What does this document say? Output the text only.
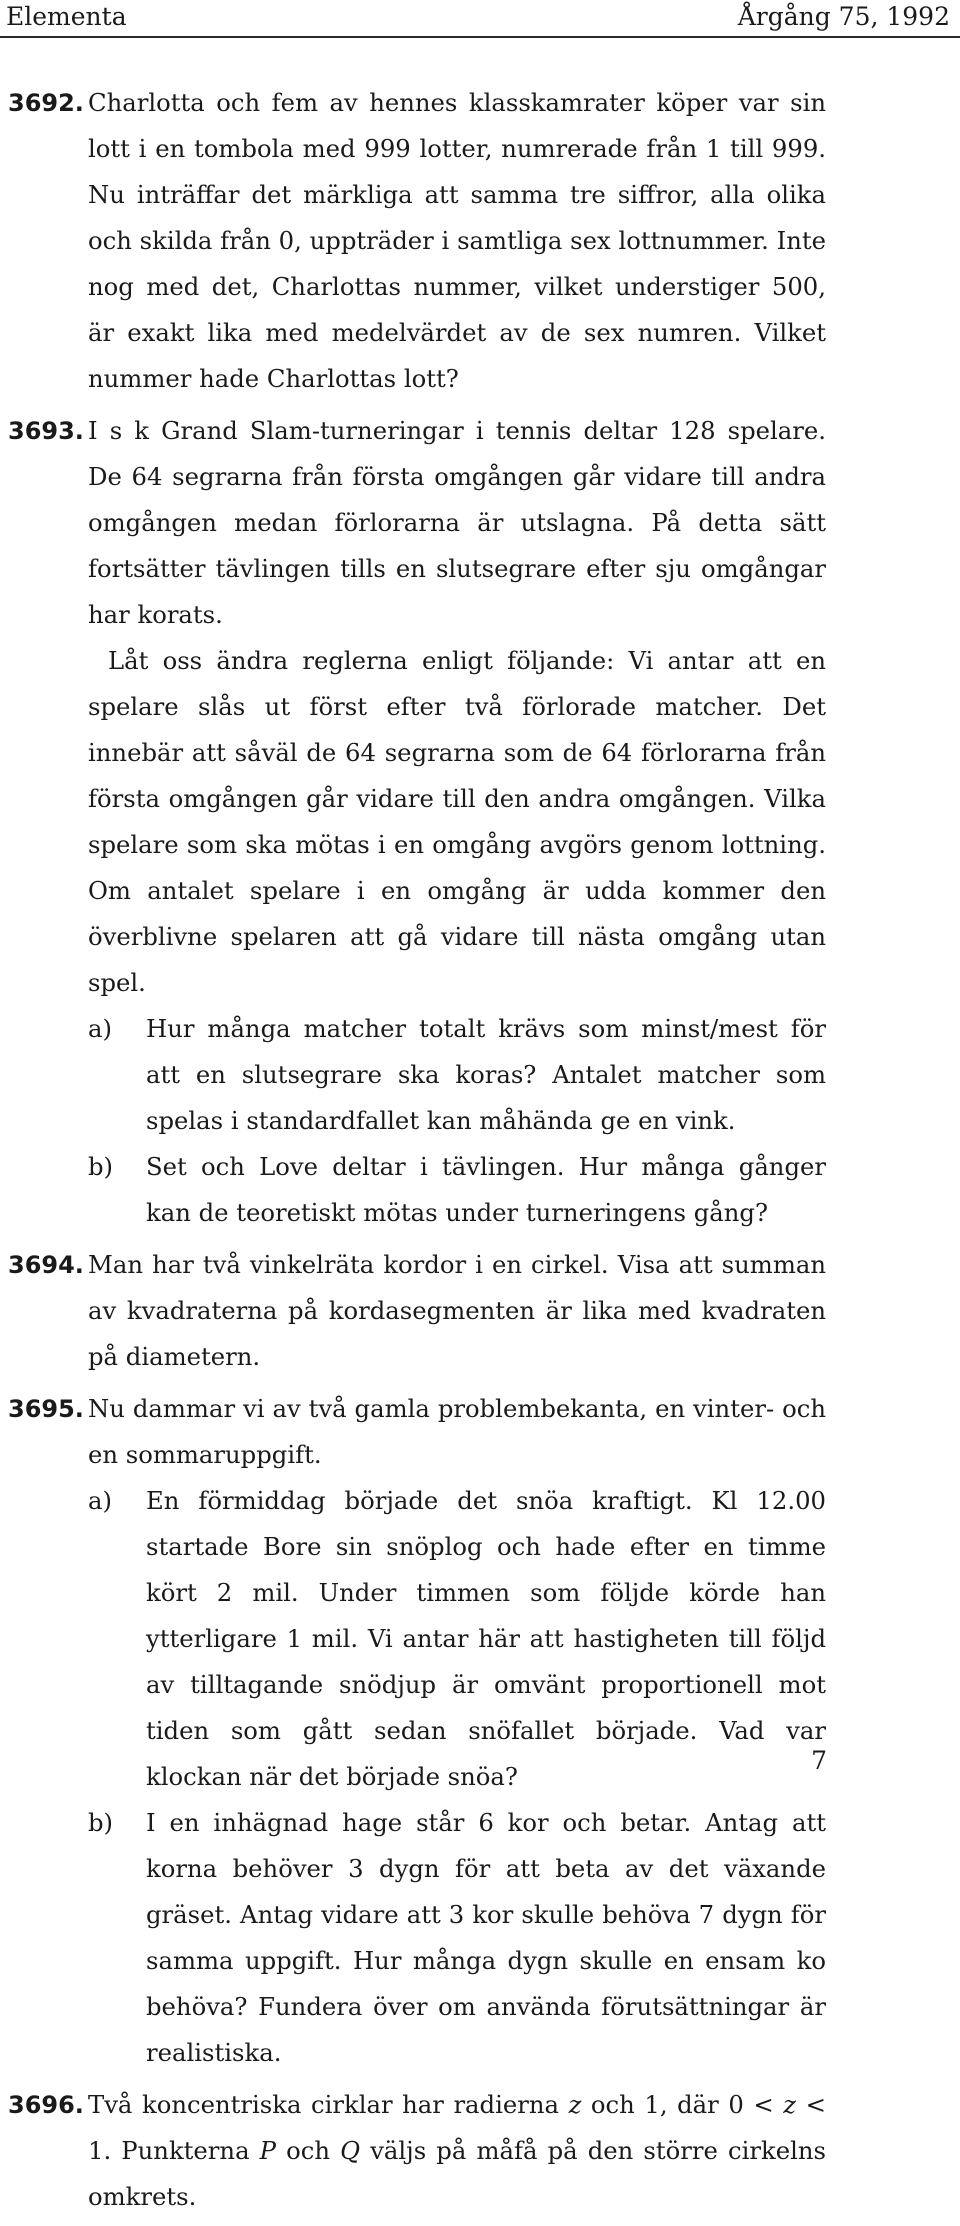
Elementa	Årgång 75, 1992
3692. Charlotta och fem av hennes klasskamrater köper var sin lott i en tombola med 999 lotter, numrerade från 1 till 999. Nu inträffar det märkliga att samma tre siffror, alla olika och skilda från 0, uppträder i samtliga sex lottnummer. Inte nog med det, Charlottas nummer, vilket understiger 500, är exakt lika med medelvärdet av de sex numren. Vilket nummer hade Charlottas lott?

3693. I s k Grand Slam-turneringar i tennis deltar 128 spelare. De 64 segrarna från första omgången går vidare till andra omgången medan förlorarna är utslagna. På detta sätt fortsätter tävlingen tills en slutsegrare efter sju omgångar har korats.

Låt oss ändra reglerna enligt följande: Vi antar att en spelare slås ut först efter två förlorade matcher. Det innebär att såväl de 64 segrarna som de 64 förlorarna från första omgången går vidare till den andra omgången. Vilka spelare som ska mötas i en omgång avgörs genom lottning. Om antalet spelare i en omgång är udda kommer den överblivne spelaren att gå vidare till nästa omgång utan spel.

a) Hur många matcher totalt krävs som minst/mest för att en slutsegrare ska koras? Antalet matcher som spelas i standardfallet kan måhända ge en vink.
b) Set och Love deltar i tävlingen. Hur många gånger kan de teoretiskt mötas under turneringens gång?
3694. Man har två vinkelräta kordor i en cirkel. Visa att summan av kvadraterna på kordasegmenten är lika med kvadraten på diametern.

3695. Nu dammar vi av två gamla problembekanta, en vinter- och en sommaruppgift.

a) En förmiddag började det snöa kraftigt. Kl 12.00 startade Bore sin snöplog och hade efter en timme kört 2 mil. Under timmen som följde körde han ytterligare 1 mil. Vi antar här att hastigheten till följd av tilltagande snödjup är omvänt proportionell mot tiden som gått sedan snöfallet började. Vad var klockan när det började snöa?
b) I en inhägnad hage står 6 kor och betar. Antag att korna behöver 3 dygn för att beta av det växande gräset. Antag vidare att 3 kor skulle behöva 7 dygn för samma uppgift. Hur många dygn skulle en ensam ko behöva? Fundera över om använda förutsättningar är realistiska.
3696. Två koncentriska cirklar har radierna z och 1, där 0 < z < 1. Punkterna P och Q väljs på måfå på den större cirkelns omkrets.

7
